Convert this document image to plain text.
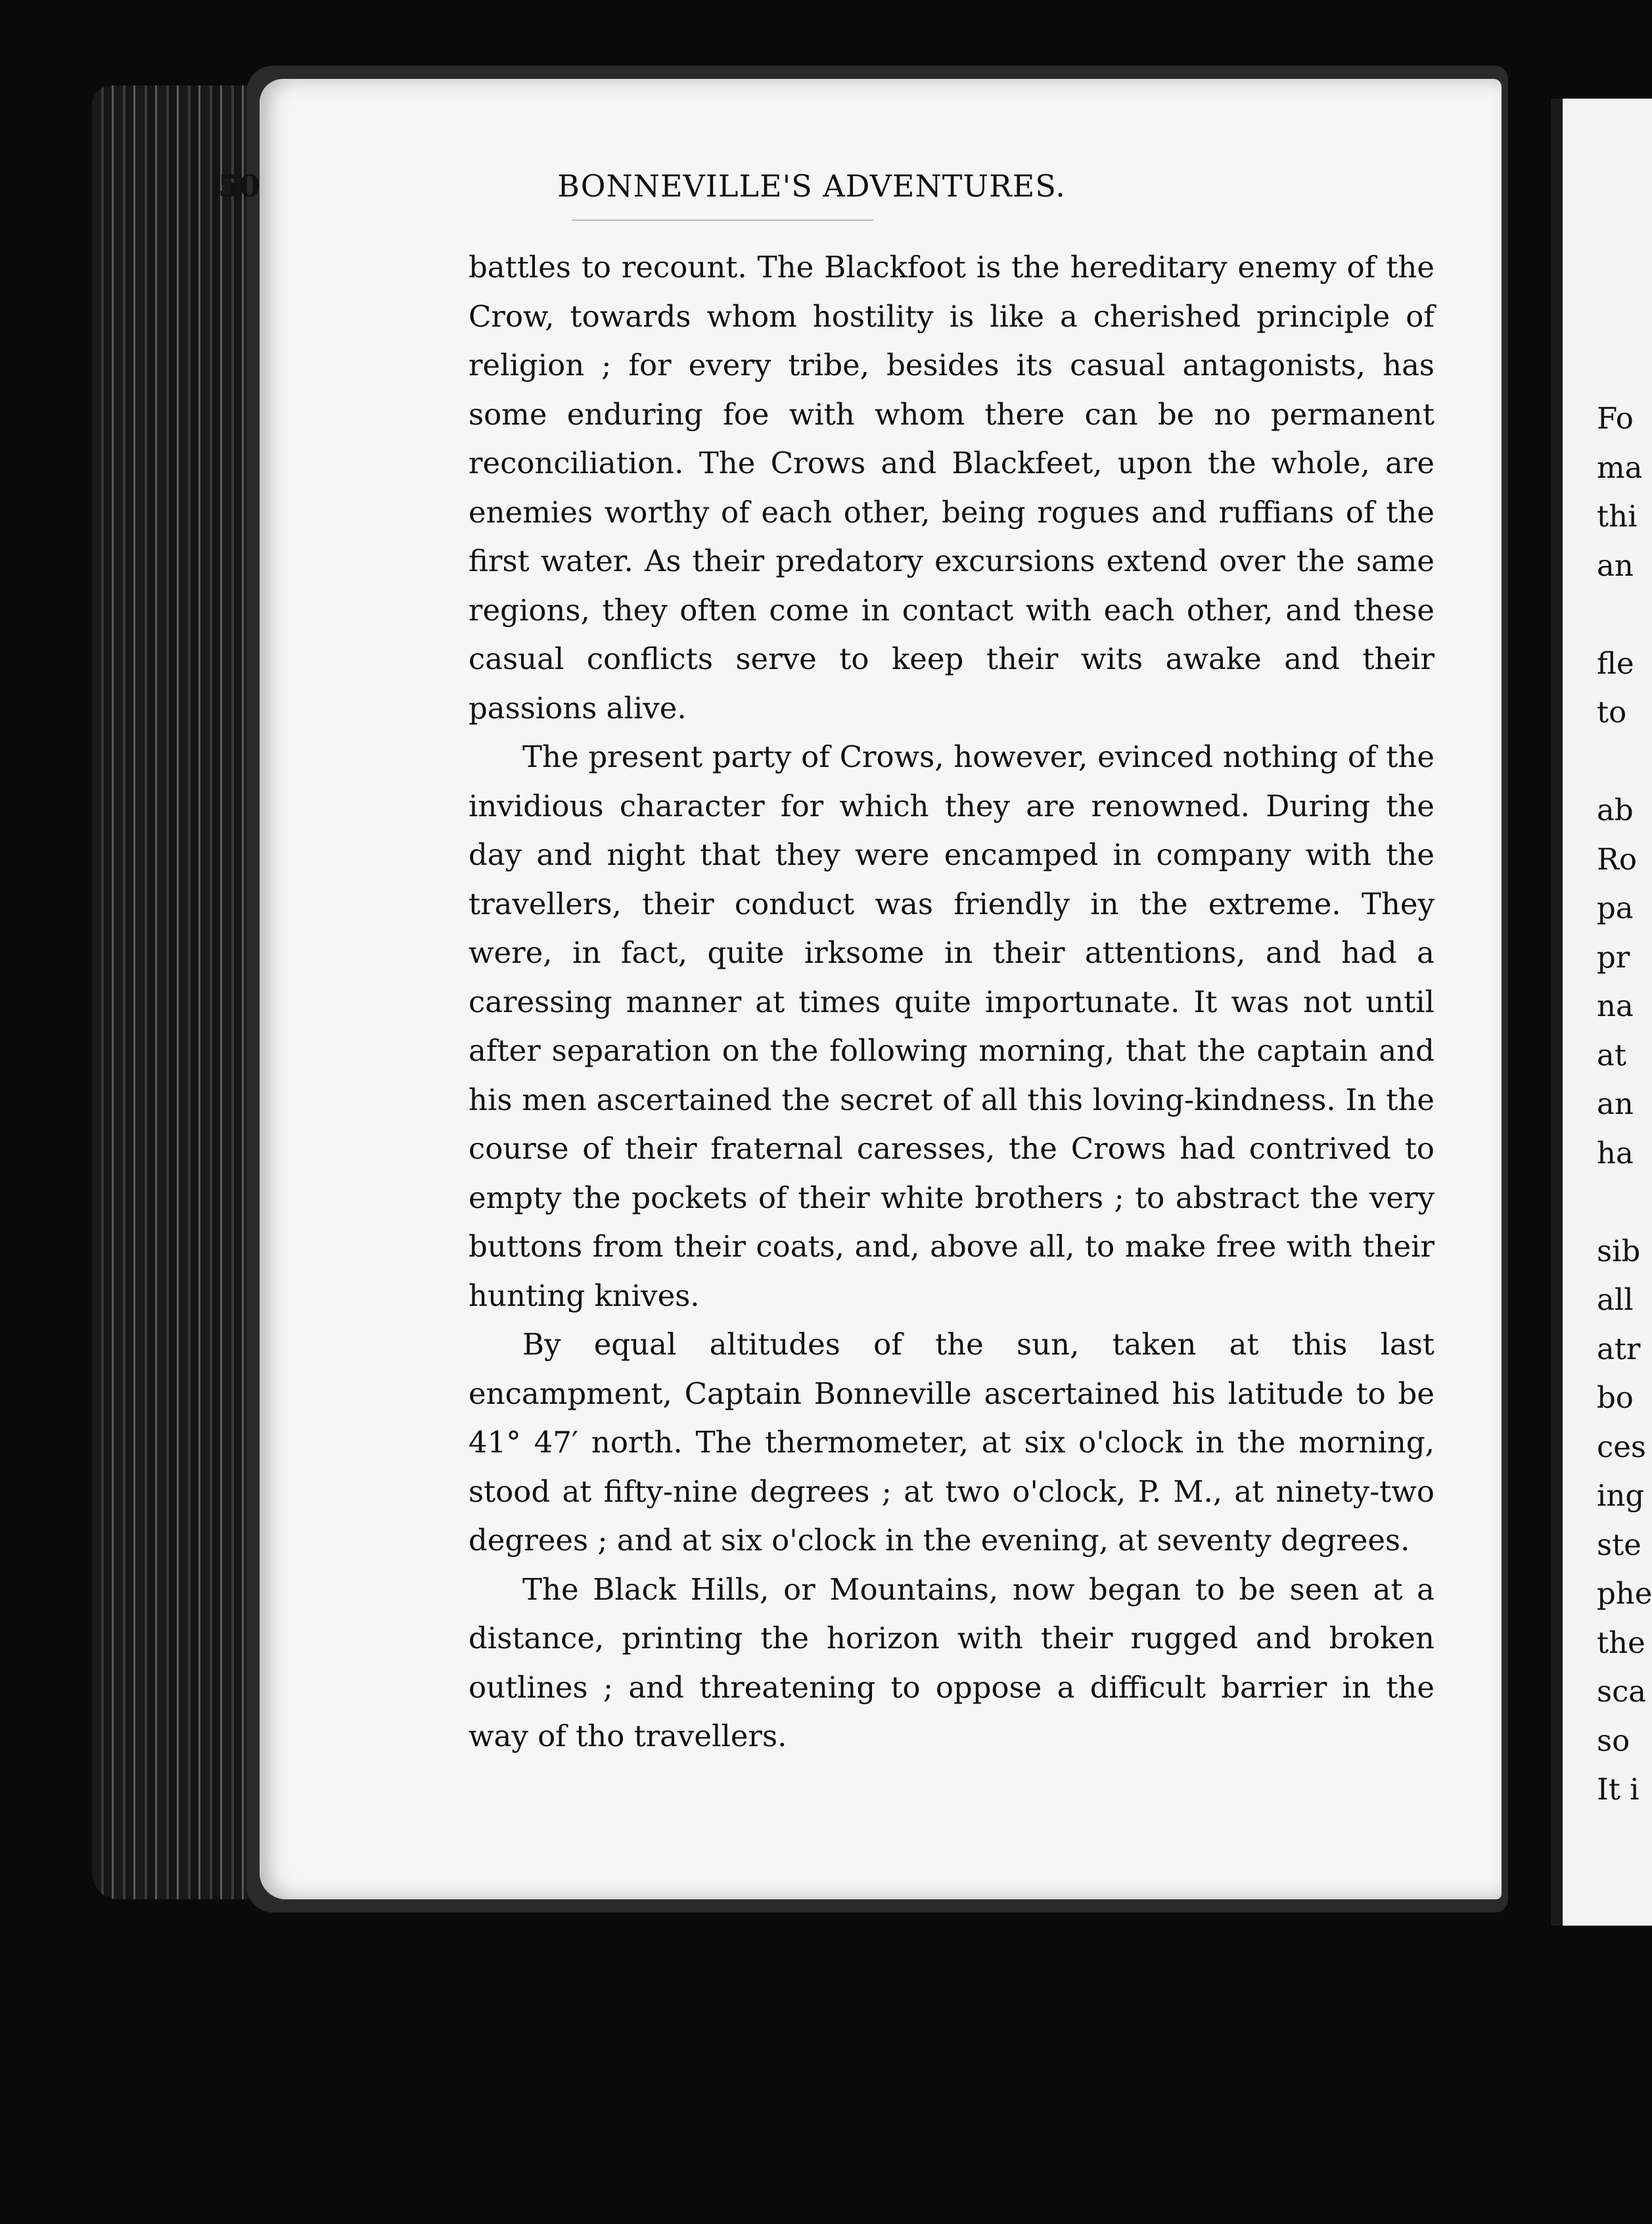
50	BONNEVILLE'S ADVENTURES.

battles to recount. The Blackfoot is the hereditary enemy of the Crow, towards whom hostility is like a cherished principle of religion ; for every tribe, besides its casual antagonists, has some enduring foe with whom there can be no permanent reconciliation. The Crows and Blackfeet, upon the whole, are enemies worthy of each other, being rogues and ruffians of the first water. As their predatory excursions extend over the same regions, they often come in contact with each other, and these casual conflicts serve to keep their wits awake and their passions alive.

The present party of Crows, however, evinced nothing of the invidious character for which they are renowned. During the day and night that they were encamped in company with the travellers, their conduct was friendly in the extreme. They were, in fact, quite irksome in their attentions, and had a caressing manner at times quite importunate. It was not until after separation on the following morning, that the captain and his men ascertained the secret of all this loving-kindness. In the course of their fraternal caresses, the Crows had contrived to empty the pockets of their white brothers ; to abstract the very buttons from their coats, and, above all, to make free with their hunting knives.

By equal altitudes of the sun, taken at this last encampment, Captain Bonneville ascertained his latitude to be 41° 47′ north. The thermometer, at six o'clock in the morning, stood at fifty-nine degrees ; at two o'clock, P. M., at ninety-two degrees ; and at six o'clock in the evening, at seventy degrees.

The Black Hills, or Mountains, now began to be seen at a distance, printing the horizon with their rugged and broken outlines ; and threatening to oppose a difficult barrier in the way of tho travellers.

Fo
ma
thi
an
fle
to
ab
Ro
pa
pr
na
at
an
ha
sib
all
atr
bo
ces
ing
ste
phe
the
sca
so
It i
